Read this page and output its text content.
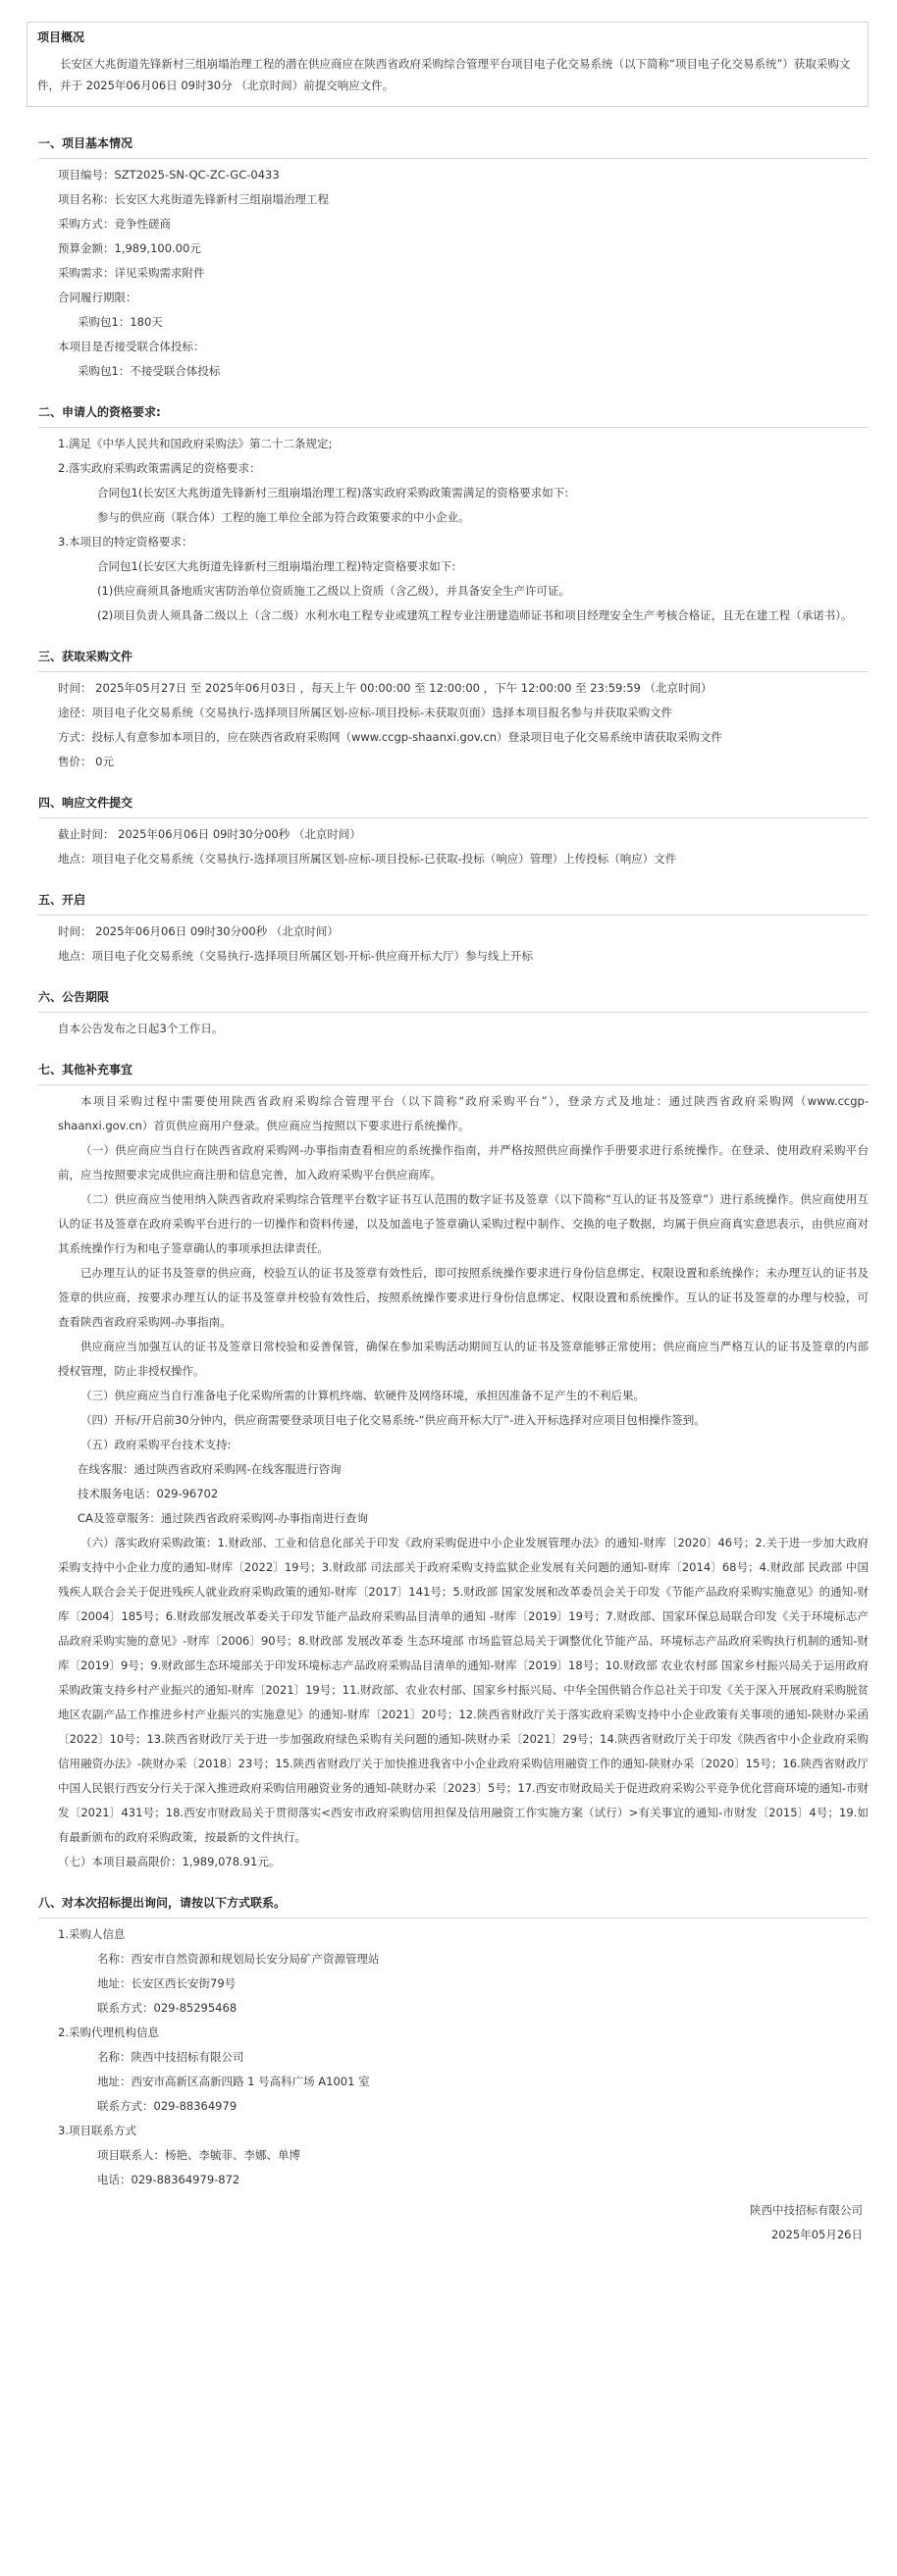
项目概况
长安区大兆街道先锋新村三组崩塌治理工程的潜在供应商应在陕西省政府采购综合管理平台项目电子化交易系统（以下简称“项目电子化交易系统”）获取采购文件，并于 2025年06月06日 09时30分 （北京时间）前提交响应文件。
一、项目基本情况
项目编号：SZT2025-SN-QC-ZC-GC-0433
项目名称：长安区大兆街道先锋新村三组崩塌治理工程
采购方式：竞争性磋商
预算金额：1,989,100.00元
采购需求：详见采购需求附件
合同履行期限：
采购包1：180天
本项目是否接受联合体投标：
采购包1：不接受联合体投标
二、申请人的资格要求:
1.满足《中华人民共和国政府采购法》第二十二条规定;
2.落实政府采购政策需满足的资格要求：
合同包1(长安区大兆街道先锋新村三组崩塌治理工程)落实政府采购政策需满足的资格要求如下:
参与的供应商（联合体）工程的施工单位全部为符合政策要求的中小企业。
3.本项目的特定资格要求：
合同包1(长安区大兆街道先锋新村三组崩塌治理工程)特定资格要求如下:
(1)供应商须具备地质灾害防治单位资质施工乙级以上资质（含乙级），并具备安全生产许可证。
(2)项目负责人须具备二级以上（含二级）水利水电工程专业或建筑工程专业注册建造师证书和项目经理安全生产考核合格证，且无在建工程（承诺书）。
三、获取采购文件
时间： 2025年05月27日 至 2025年06月03日 ，每天上午 00:00:00 至 12:00:00 ，下午 12:00:00 至 23:59:59 （北京时间）
途径：项目电子化交易系统（交易执行-选择项目所属区划-应标-项目投标-未获取页面）选择本项目报名参与并获取采购文件
方式：投标人有意参加本项目的，应在陕西省政府采购网（www.ccgp-shaanxi.gov.cn）登录项目电子化交易系统申请获取采购文件
售价： 0元
四、响应文件提交
截止时间： 2025年06月06日 09时30分00秒 （北京时间）
地点：项目电子化交易系统（交易执行-选择项目所属区划-应标-项目投标-已获取-投标（响应）管理）上传投标（响应）文件
五、开启
时间： 2025年06月06日 09时30分00秒 （北京时间）
地点：项目电子化交易系统（交易执行-选择项目所属区划-开标-供应商开标大厅）参与线上开标
六、公告期限
自本公告发布之日起3个工作日。
七、其他补充事宜
本项目采购过程中需要使用陕西省政府采购综合管理平台（以下简称“政府采购平台”），登录方式及地址：通过陕西省政府采购网（www.ccgp-shaanxi.gov.cn）首页供应商用户登录。供应商应当按照以下要求进行系统操作。
（一）供应商应当自行在陕西省政府采购网-办事指南查看相应的系统操作指南，并严格按照供应商操作手册要求进行系统操作。在登录、使用政府采购平台前，应当按照要求完成供应商注册和信息完善，加入政府采购平台供应商库。
（二）供应商应当使用纳入陕西省政府采购综合管理平台数字证书互认范围的数字证书及签章（以下简称“互认的证书及签章”）进行系统操作。供应商使用互认的证书及签章在政府采购平台进行的一切操作和资料传递，以及加盖电子签章确认采购过程中制作、交换的电子数据，均属于供应商真实意思表示，由供应商对其系统操作行为和电子签章确认的事项承担法律责任。
已办理互认的证书及签章的供应商，校验互认的证书及签章有效性后，即可按照系统操作要求进行身份信息绑定、权限设置和系统操作；未办理互认的证书及签章的供应商，按要求办理互认的证书及签章并校验有效性后，按照系统操作要求进行身份信息绑定、权限设置和系统操作。互认的证书及签章的办理与校验，可查看陕西省政府采购网-办事指南。
供应商应当加强互认的证书及签章日常校验和妥善保管，确保在参加采购活动期间互认的证书及签章能够正常使用；供应商应当严格互认的证书及签章的内部授权管理，防止非授权操作。
（三）供应商应当自行准备电子化采购所需的计算机终端、软硬件及网络环境，承担因准备不足产生的不利后果。
（四）开标/开启前30分钟内，供应商需要登录项目电子化交易系统-“供应商开标大厅”-进入开标选择对应项目包相操作签到。
（五）政府采购平台技术支持:
在线客服：通过陕西省政府采购网-在线客服进行咨询
技术服务电话：029-96702
CA及签章服务：通过陕西省政府采购网-办事指南进行查询
（六）落实政府采购政策：1.财政部、工业和信息化部关于印发《政府采购促进中小企业发展管理办法》的通知-财库〔2020〕46号；2.关于进一步加大政府采购支持中小企业力度的通知-财库〔2022〕19号；3.财政部 司法部关于政府采购支持监狱企业发展有关问题的通知-财库〔2014〕68号；4.财政部 民政部 中国残疾人联合会关于促进残疾人就业政府采购政策的通知-财库〔2017〕141号；5.财政部 国家发展和改革委员会关于印发《节能产品政府采购实施意见》的通知-财库〔2004〕185号；6.财政部发展改革委关于印发节能产品政府采购品目清单的通知 -财库〔2019〕19号；7.财政部、国家环保总局联合印发《关于环境标志产品政府采购实施的意见》-财库〔2006〕90号；8.财政部 发展改革委 生态环境部 市场监管总局关于调整优化节能产品、环境标志产品政府采购执行机制的通知-财库〔2019〕9号；9.财政部生态环境部关于印发环境标志产品政府采购品目清单的通知-财库〔2019〕18号；10.财政部 农业农村部 国家乡村振兴局关于运用政府采购政策支持乡村产业振兴的通知-财库〔2021〕19号；11.财政部、农业农村部、国家乡村振兴局、中华全国供销合作总社关于印发《关于深入开展政府采购脱贫地区农副产品工作推进乡村产业振兴的实施意见》的通知-财库〔2021〕20号；12.陕西省财政厅关于落实政府采购支持中小企业政策有关事项的通知-陕财办采函〔2022〕10号；13.陕西省财政厅关于进一步加强政府绿色采购有关问题的通知-陕财办采〔2021〕29号；14.陕西省财政厅关于印发《陕西省中小企业政府采购信用融资办法》-陕财办采〔2018〕23号；15.陕西省财政厅关于加快推进我省中小企业政府采购信用融资工作的通知-陕财办采〔2020〕15号；16.陕西省财政厅 中国人民银行西安分行关于深入推进政府采购信用融资业务的通知-陕财办采〔2023〕5号；17.西安市财政局关于促进政府采购公平竞争优化营商环境的通知-市财发〔2021〕431号；18.西安市财政局关于贯彻落实<西安市政府采购信用担保及信用融资工作实施方案（试行）>有关事宜的通知-市财发〔2015〕4号；19.如有最新颁布的政府采购政策，按最新的文件执行。
（七）本项目最高限价：1,989,078.91元。
八、对本次招标提出询问，请按以下方式联系。
1.采购人信息
名称：西安市自然资源和规划局长安分局矿产资源管理站
地址：长安区西长安街79号
联系方式：029-85295468
2.采购代理机构信息
名称：陕西中技招标有限公司
地址：西安市高新区高新四路 1 号高科广场 A1001 室
联系方式：029-88364979
3.项目联系方式
项目联系人：杨艳、李毓菲、李娜、单博
电话：029-88364979-872
陕西中技招标有限公司
2025年05月26日
